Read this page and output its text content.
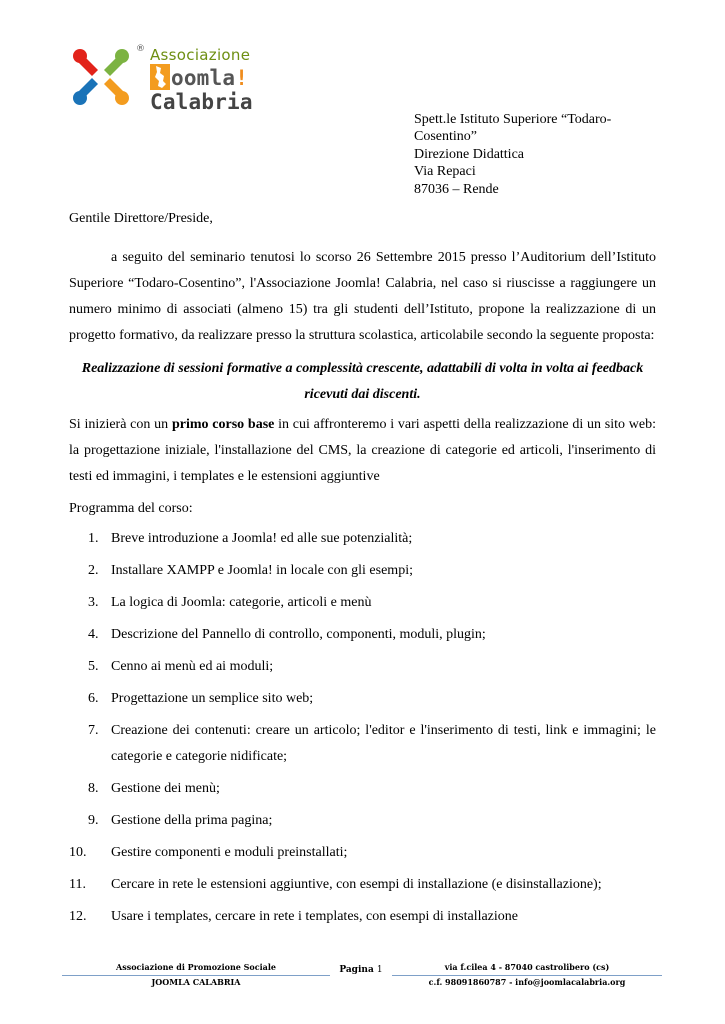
® Associazione
oomla! Calabria
Spett.le Istituto Superiore “Todaro-
Cosentino”
Direzione Didattica
Via Repaci
87036 – Rende

Gentile Direttore/Preside,

a seguito del seminario tenutosi lo scorso 26 Settembre 2015 presso l’Auditorium dell’Istituto Superiore “Todaro-Cosentino”, l'Associazione Joomla! Calabria, nel caso si riuscisse a raggiungere un numero minimo di associati (almeno 15) tra gli studenti dell’Istituto, propone la realizzazione di un progetto formativo, da realizzare presso la struttura scolastica, articolabile secondo la seguente proposta:

Realizzazione di sessioni formative a complessità crescente, adattabili di volta in volta ai feedback ricevuti dai discenti.

Si inizierà con un primo corso base in cui affronteremo i vari aspetti della realizzazione di un sito web: la progettazione iniziale, l'installazione del CMS, la creazione di categorie ed articoli, l'inserimento di testi ed immagini, i templates e le estensioni aggiuntive

Programma del corso:

1. Breve introduzione a Joomla! ed alle sue potenzialità;
2. Installare XAMPP e Joomla! in locale con gli esempi;
3. La logica di Joomla: categorie, articoli e menù
4. Descrizione del Pannello di controllo, componenti, moduli, plugin;
5. Cenno ai menù ed ai moduli;
6. Progettazione un semplice sito web;
7. Creazione dei contenuti: creare un articolo; l'editor e l'inserimento di testi, link e immagini; le categorie e categorie nidificate;
8. Gestione dei menù;
9. Gestione della prima pagina;
10. Gestire componenti e moduli preinstallati;
11. Cercare in rete le estensioni aggiuntive, con esempi di installazione (e disinstallazione);
12. Usare i templates, cercare in rete i templates, con esempi di installazione
Associazione di Promozione Sociale
JOOMLA CALABRIA
Pagina 1	via f.cilea 4 - 87040 castrolibero (cs)
c.f. 98091860787 - info@joomlacalabria.org
